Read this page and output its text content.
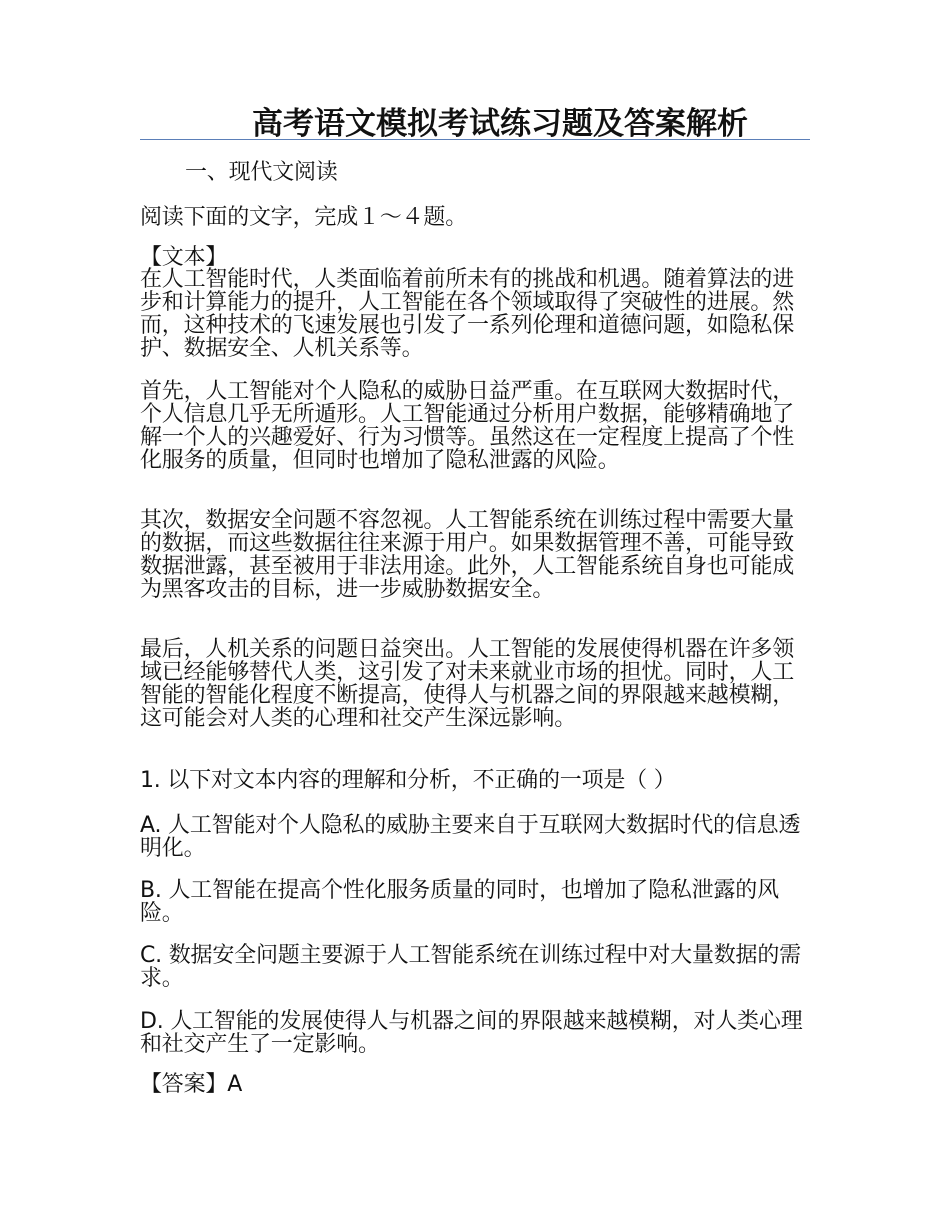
高考语文模拟考试练习题及答案解析
一、现代文阅读
阅读下面的文字，完成１～４题。
【文本】
在人工智能时代，人类面临着前所未有的挑战和机遇。随着算法的进步和计算能力的提升，人工智能在各个领域取得了突破性的进展。然而，这种技术的飞速发展也引发了一系列伦理和道德问题，如隐私保护、数据安全、人机关系等。
首先，人工智能对个人隐私的威胁日益严重。在互联网大数据时代，个人信息几乎无所遁形。人工智能通过分析用户数据，能够精确地了解一个人的兴趣爱好、行为习惯等。虽然这在一定程度上提高了个性化服务的质量，但同时也增加了隐私泄露的风险。
其次，数据安全问题不容忽视。人工智能系统在训练过程中需要大量的数据，而这些数据往往来源于用户。如果数据管理不善，可能导致数据泄露，甚至被用于非法用途。此外，人工智能系统自身也可能成为黑客攻击的目标，进一步威胁数据安全。
最后，人机关系的问题日益突出。人工智能的发展使得机器在许多领域已经能够替代人类，这引发了对未来就业市场的担忧。同时，人工智能的智能化程度不断提高，使得人与机器之间的界限越来越模糊，这可能会对人类的心理和社交产生深远影响。
1. 以下对文本内容的理解和分析，不正确的一项是（ ）
A. 人工智能对个人隐私的威胁主要来自于互联网大数据时代的信息透明化。
B. 人工智能在提高个性化服务质量的同时，也增加了隐私泄露的风险。
C. 数据安全问题主要源于人工智能系统在训练过程中对大量数据的需求。
D. 人工智能的发展使得人与机器之间的界限越来越模糊，对人类心理和社交产生了一定影响。
【答案】A
